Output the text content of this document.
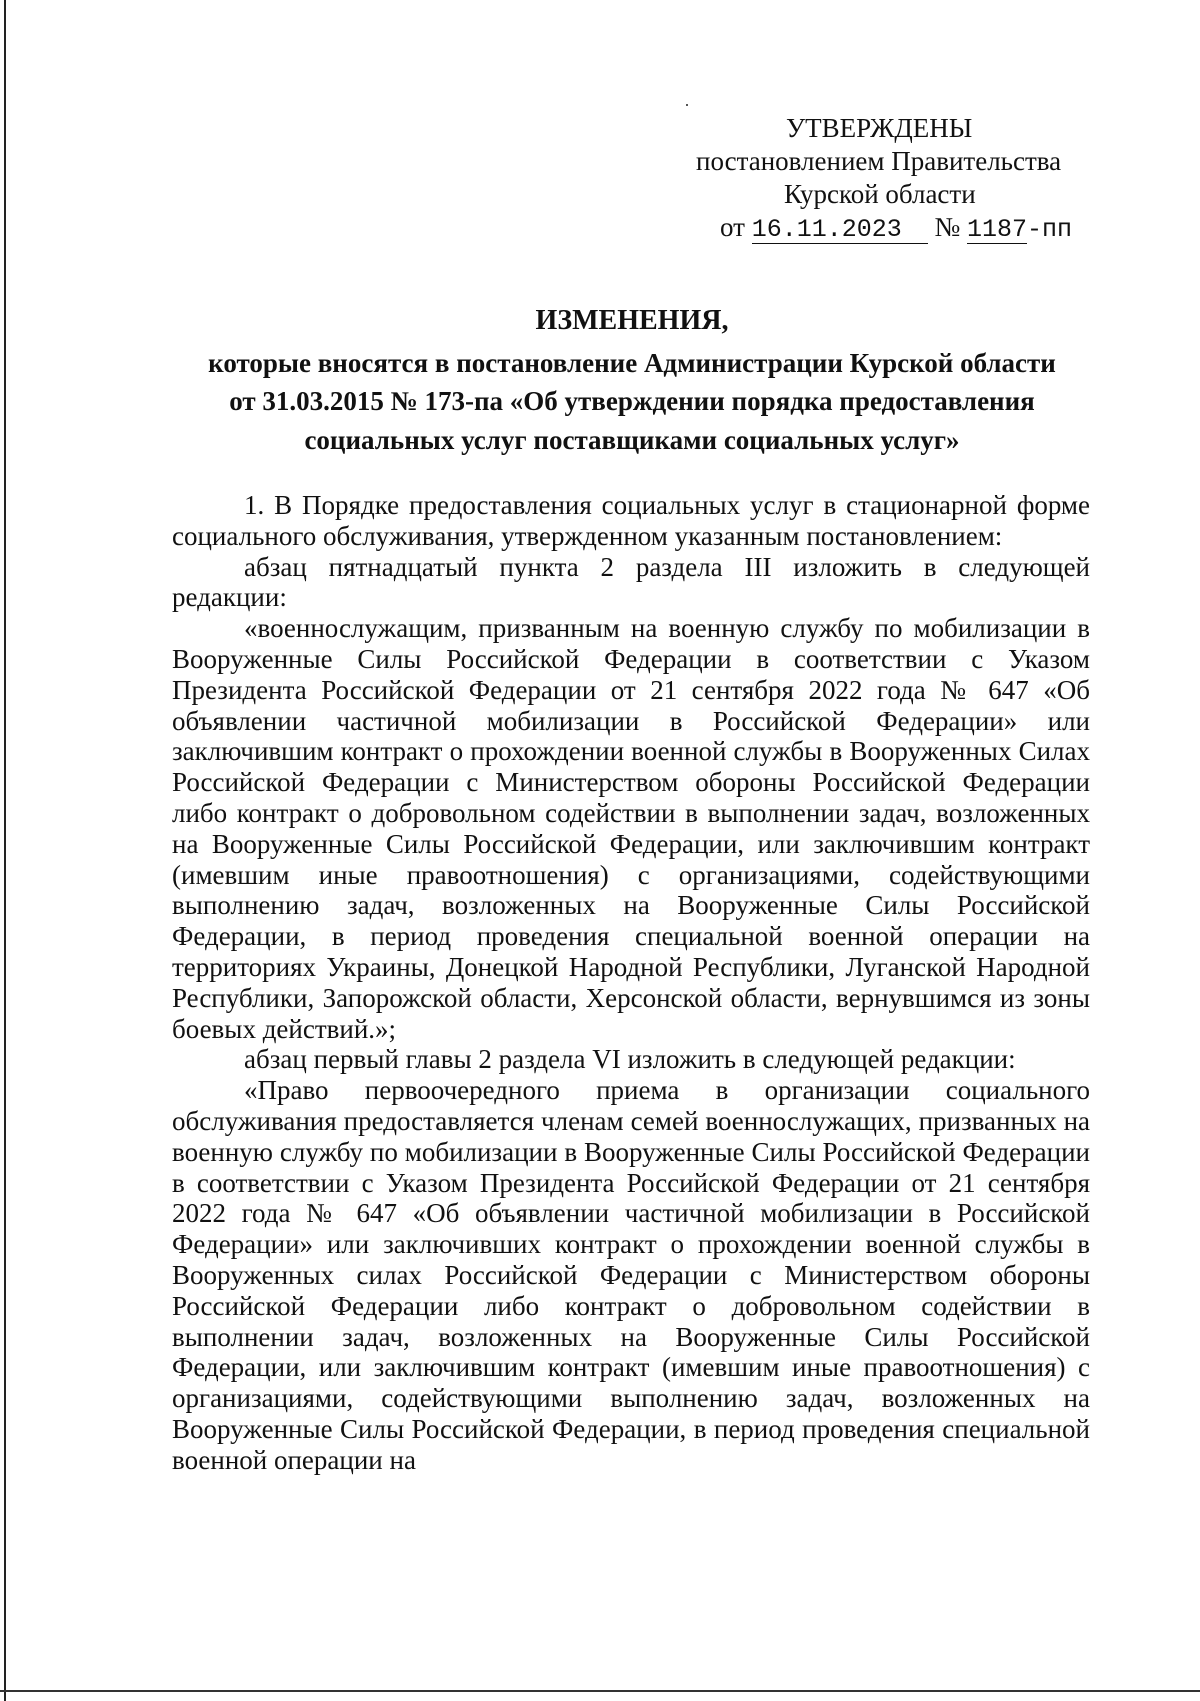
УТВЕРЖДЕНЫ
постановлением Правительства
Курской области
от 16.11.2023 № 1187-пп
ИЗМЕНЕНИЯ,
которые вносятся в постановление Администрации Курской области
от 31.03.2015 № 173-па «Об утверждении порядка предоставления
социальных услуг поставщиками социальных услуг»

1. В Порядке предоставления социальных услуг в стационарной форме социального обслуживания, утвержденном указанным постановлением:

абзац пятнадцатый пункта 2 раздела III изложить в следующей редакции:

«военнослужащим, призванным на военную службу по мобилизации в Вооруженные Силы Российской Федерации в соответствии с Указом Президента Российской Федерации от 21 сентября 2022 года № 647 «Об объявлении частичной мобилизации в Российской Федерации» или заключившим контракт о прохождении военной службы в Вооруженных Силах Российской Федерации с Министерством обороны Российской Федерации либо контракт о добровольном содействии в выполнении задач, возложенных на Вооруженные Силы Российской Федерации, или заключившим контракт (имевшим иные правоотношения) с организациями, содействующими выполнению задач, возложенных на Вооруженные Силы Российской Федерации, в период проведения специальной военной операции на территориях Украины, Донецкой Народной Республики, Луганской Народной Республики, Запорожской области, Херсонской области, вернувшимся из зоны боевых действий.»;

абзац первый главы 2 раздела VI изложить в следующей редакции:

«Право первоочередного приема в организации социального обслуживания предоставляется членам семей военнослужащих, призванных на военную службу по мобилизации в Вооруженные Силы Российской Федерации в соответствии с Указом Президента Российской Федерации от 21 сентября 2022 года № 647 «Об объявлении частичной мобилизации в Российской Федерации» или заключивших контракт о прохождении военной службы в Вооруженных силах Российской Федерации с Министерством обороны Российской Федерации либо контракт о добровольном содействии в выполнении задач, возложенных на Вооруженные Силы Российской Федерации, или заключившим контракт (имевшим иные правоотношения) с организациями, содействующими выполнению задач, возложенных на Вооруженные Силы Российской Федерации, в период проведения специальной военной операции на
